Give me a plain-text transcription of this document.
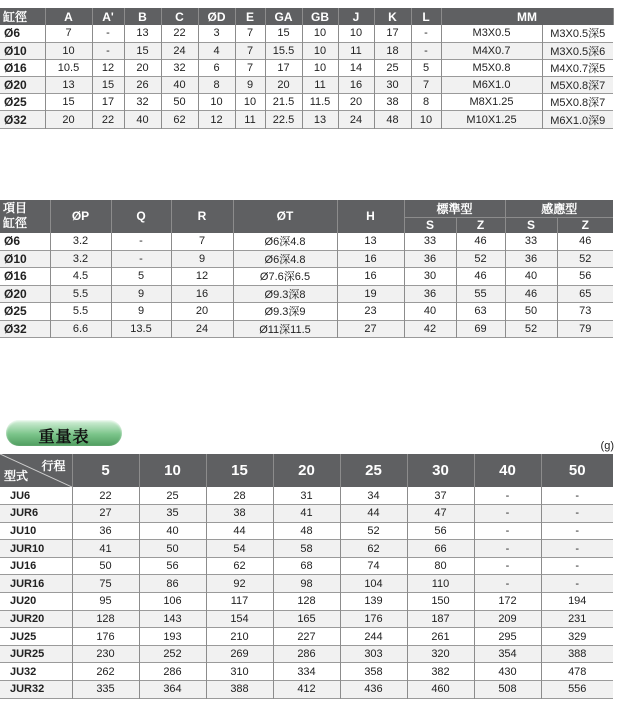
缸徑	A	A'	B	C	ØD	E	GA	GB	J	K	L	MM	
Ø6	7	-	13	22	3	7	15	10	10	17	-	M3X0.5	M3X0.5深5	
Ø10	10	-	15	24	4	7	15.5	10	11	18	-	M4X0.7	M3X0.5深6	
Ø16	10.5	12	20	32	6	7	17	10	14	25	5	M5X0.8	M4X0.7深5	
Ø20	13	15	26	40	8	9	20	11	16	30	7	M6X1.0	M5X0.8深7	
Ø25	15	17	32	50	10	10	21.5	11.5	20	38	8	M8X1.25	M5X0.8深7	
Ø32	20	22	40	62	12	11	22.5	13	24	48	10	M10X1.25	M6X1.0深9	
項目
缸徑	ØP	Q	R	ØT	H	標準型		感應型	
						S	Z	S	Z
Ø6	3.2	-	7	Ø6深4.8	13	33	46	33	46
Ø10	3.2	-	9	Ø6深4.8	16	36	52	36	52
Ø16	4.5	5	12	Ø7.6深6.5	16	30	46	40	56
Ø20	5.5	9	16	Ø9.3深8	19	36	55	46	65
Ø25	5.5	9	20	Ø9.3深9	23	40	63	50	73
Ø32	6.6	13.5	24	Ø11深11.5	27	42	69	52	79
重量表	(g)
行程
型式	5	10	15	20	25	30	40	50
JU6	22	25	28	31	34	37	-	-
JUR6	27	35	38	41	44	47	-	-
JU10	36	40	44	48	52	56	-	-
JUR10	41	50	54	58	62	66	-	-
JU16	50	56	62	68	74	80	-	-
JUR16	75	86	92	98	104	110	-	-
JU20	95	106	117	128	139	150	172	194
JUR20	128	143	154	165	176	187	209	231
JU25	176	193	210	227	244	261	295	329
JUR25	230	252	269	286	303	320	354	388
JU32	262	286	310	334	358	382	430	478
JUR32	335	364	388	412	436	460	508	556
